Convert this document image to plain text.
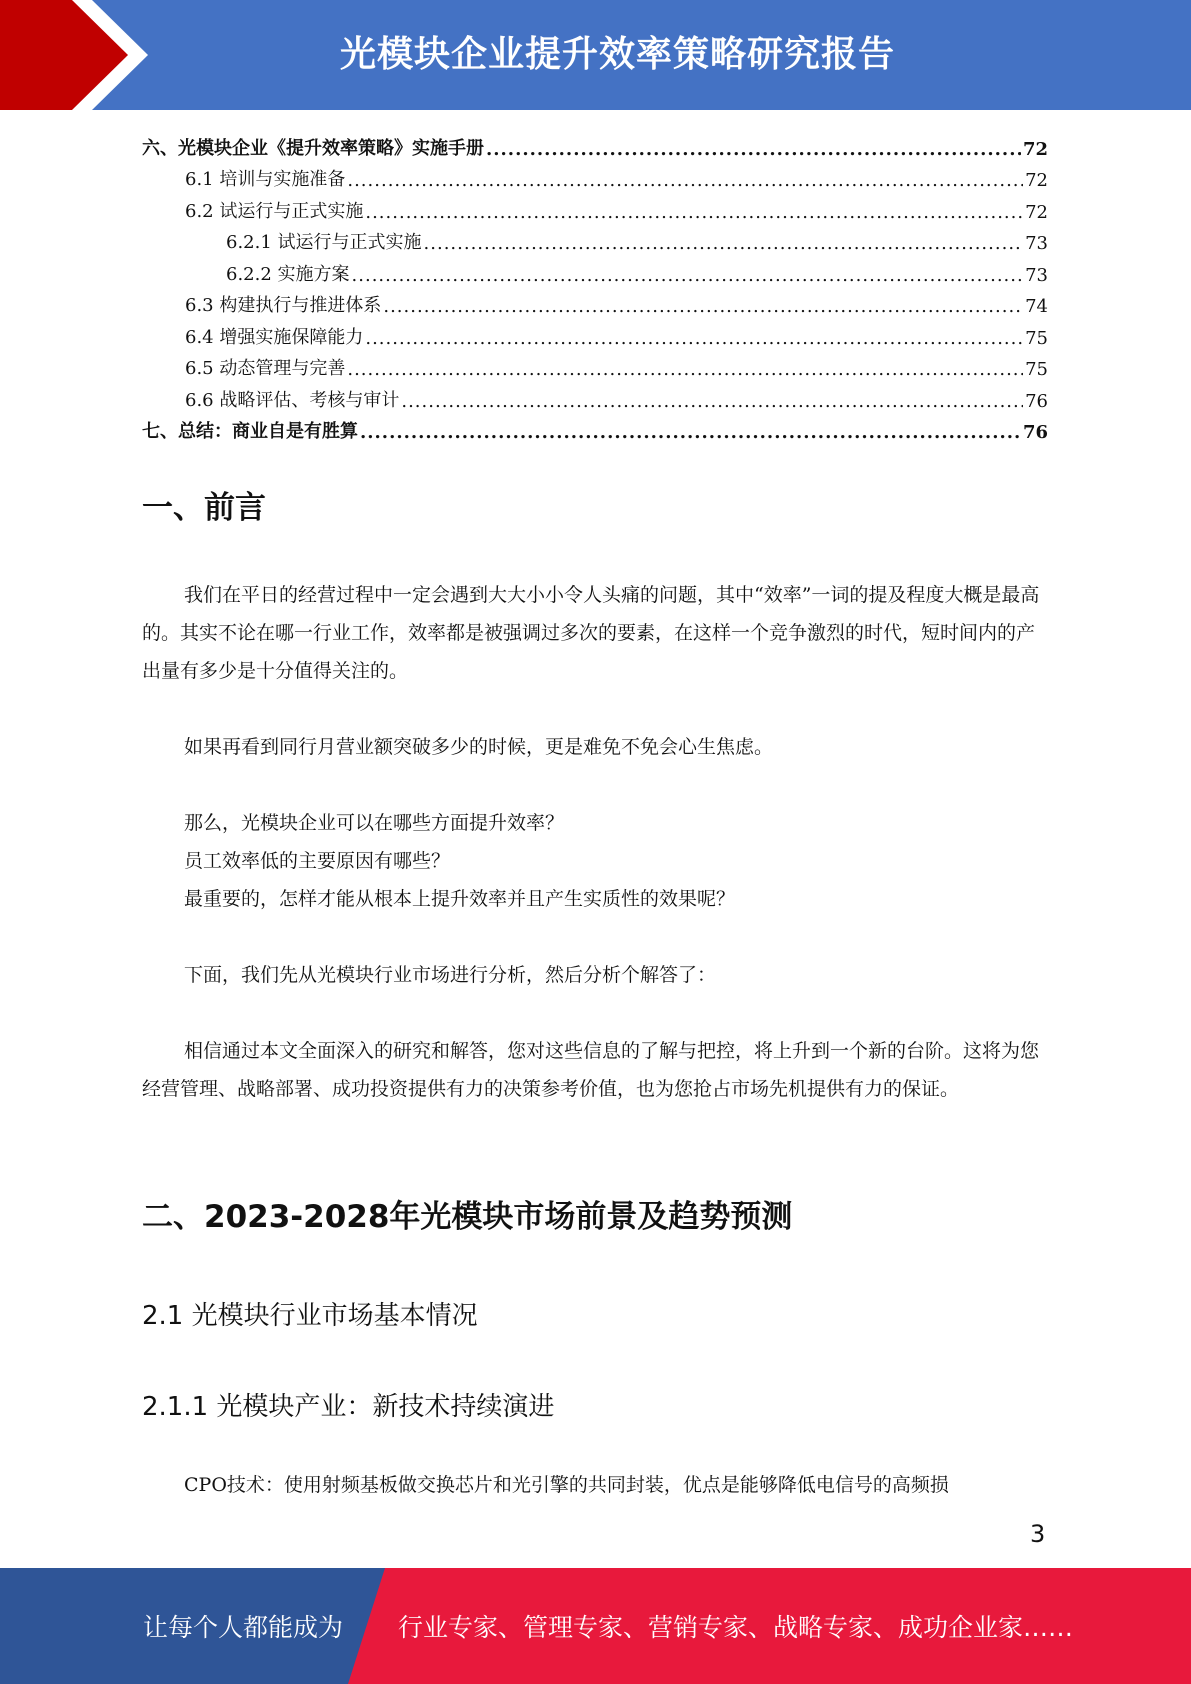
光模块企业提升效率策略研究报告
六、光模块企业《提升效率策略》实施手册 .....	72
6.1 培训与实施准备 .....	72
6.2 试运行与正式实施 .....	72
6.2.1 试运行与正式实施 .....	73
6.2.2 实施方案 .....	73
6.3 构建执行与推进体系 .....	74
6.4 增强实施保障能力 .....	75
6.5 动态管理与完善 .....	75
6.6 战略评估、考核与审计 .....	76
七、总结：商业自是有胜算 .....	76
一、前言
我们在平日的经营过程中一定会遇到大大小小令人头痛的问题，其中“效率”一词的提及程度大概是最高的。其实不论在哪一行业工作，效率都是被强调过多次的要素，在这样一个竞争激烈的时代，短时间内的产出量有多少是十分值得关注的。
如果再看到同行月营业额突破多少的时候，更是难免不免会心生焦虑。
那么，光模块企业可以在哪些方面提升效率？
员工效率低的主要原因有哪些？
最重要的，怎样才能从根本上提升效率并且产生实质性的效果呢？
下面，我们先从光模块行业市场进行分析，然后分析个解答了：
相信通过本文全面深入的研究和解答，您对这些信息的了解与把控，将上升到一个新的台阶。这将为您经营管理、战略部署、成功投资提供有力的决策参考价值，也为您抢占市场先机提供有力的保证。
二、2023-2028年光模块市场前景及趋势预测
2.1 光模块行业市场基本情况
2.1.1 光模块产业：新技术持续演进
CPO技术：使用射频基板做交换芯片和光引擎的共同封装，优点是能够降低电信号的高频损
3
让每个人都能成为 行业专家、管理专家、营销专家、战略专家、成功企业家……
